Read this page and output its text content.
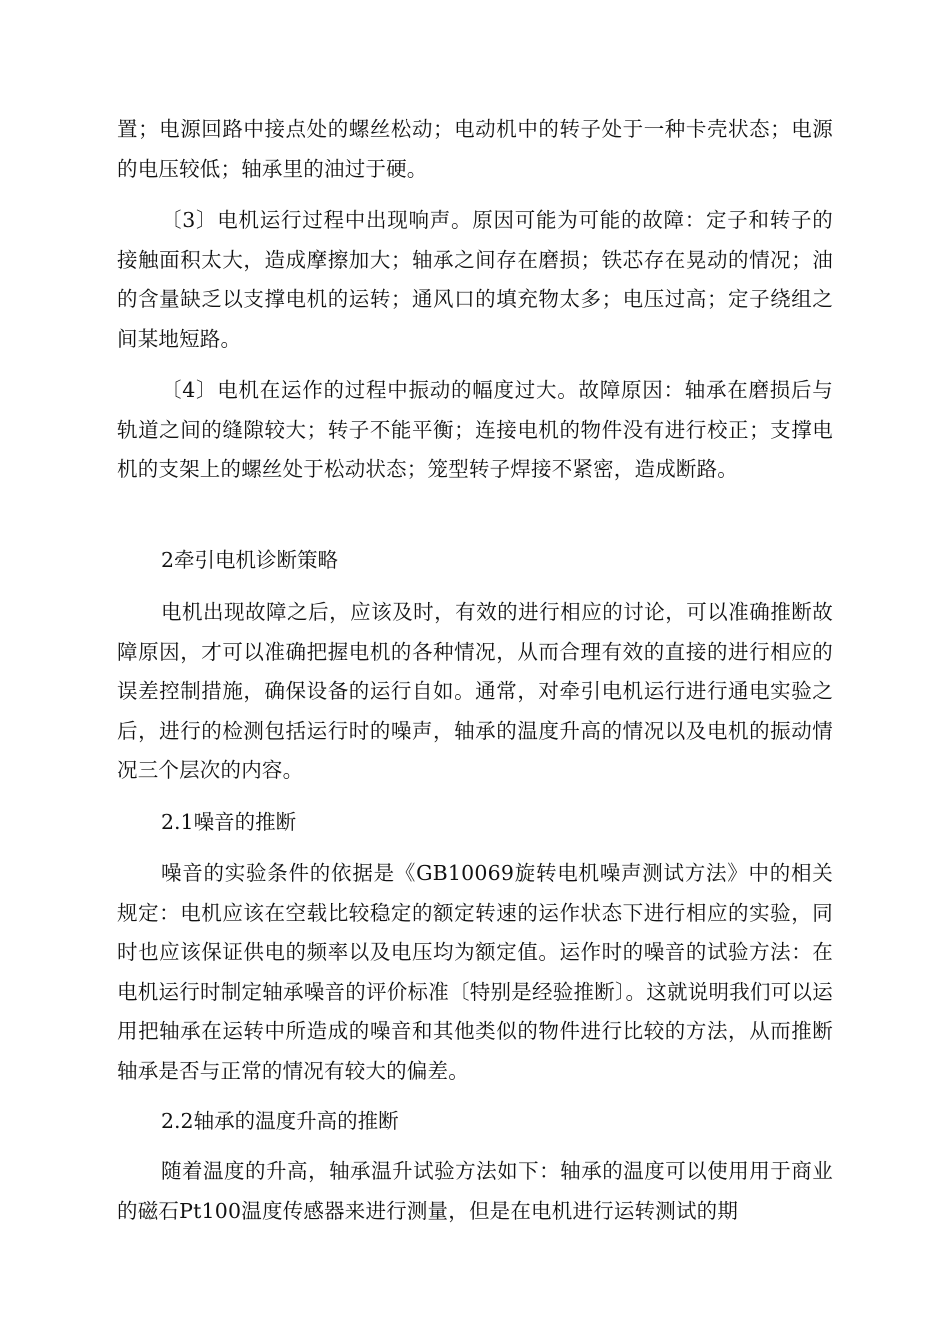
置；电源回路中接点处的螺丝松动；电动机中的转子处于一种卡壳状态；电源的电压较低；轴承里的油过于硬。

〔3〕电机运行过程中出现响声。原因可能为可能的故障：定子和转子的接触面积太大，造成摩擦加大；轴承之间存在磨损；铁芯存在晃动的情况；油的含量缺乏以支撑电机的运转；通风口的填充物太多；电压过高；定子绕组之间某地短路。

〔4〕电机在运作的过程中振动的幅度过大。故障原因：轴承在磨损后与轨道之间的缝隙较大；转子不能平衡；连接电机的物件没有进行校正；支撑电机的支架上的螺丝处于松动状态；笼型转子焊接不紧密，造成断路。

2牵引电机诊断策略

电机出现故障之后，应该及时，有效的进行相应的讨论，可以准确推断故障原因，才可以准确把握电机的各种情况，从而合理有效的直接的进行相应的误差控制措施，确保设备的运行自如。通常，对牵引电机运行进行通电实验之后，进行的检测包括运行时的噪声，轴承的温度升高的情况以及电机的振动情况三个层次的内容。

2.1噪音的推断

噪音的实验条件的依据是《GB10069旋转电机噪声测试方法》中的相关规定：电机应该在空载比较稳定的额定转速的运作状态下进行相应的实验，同时也应该保证供电的频率以及电压均为额定值。运作时的噪音的试验方法：在电机运行时制定轴承噪音的评价标准〔特别是经验推断〕。这就说明我们可以运用把轴承在运转中所造成的噪音和其他类似的物件进行比较的方法，从而推断轴承是否与正常的情况有较大的偏差。

2.2轴承的温度升高的推断

随着温度的升高，轴承温升试验方法如下：轴承的温度可以使用用于商业的磁石Pt100温度传感器来进行测量，但是在电机进行运转测试的期
